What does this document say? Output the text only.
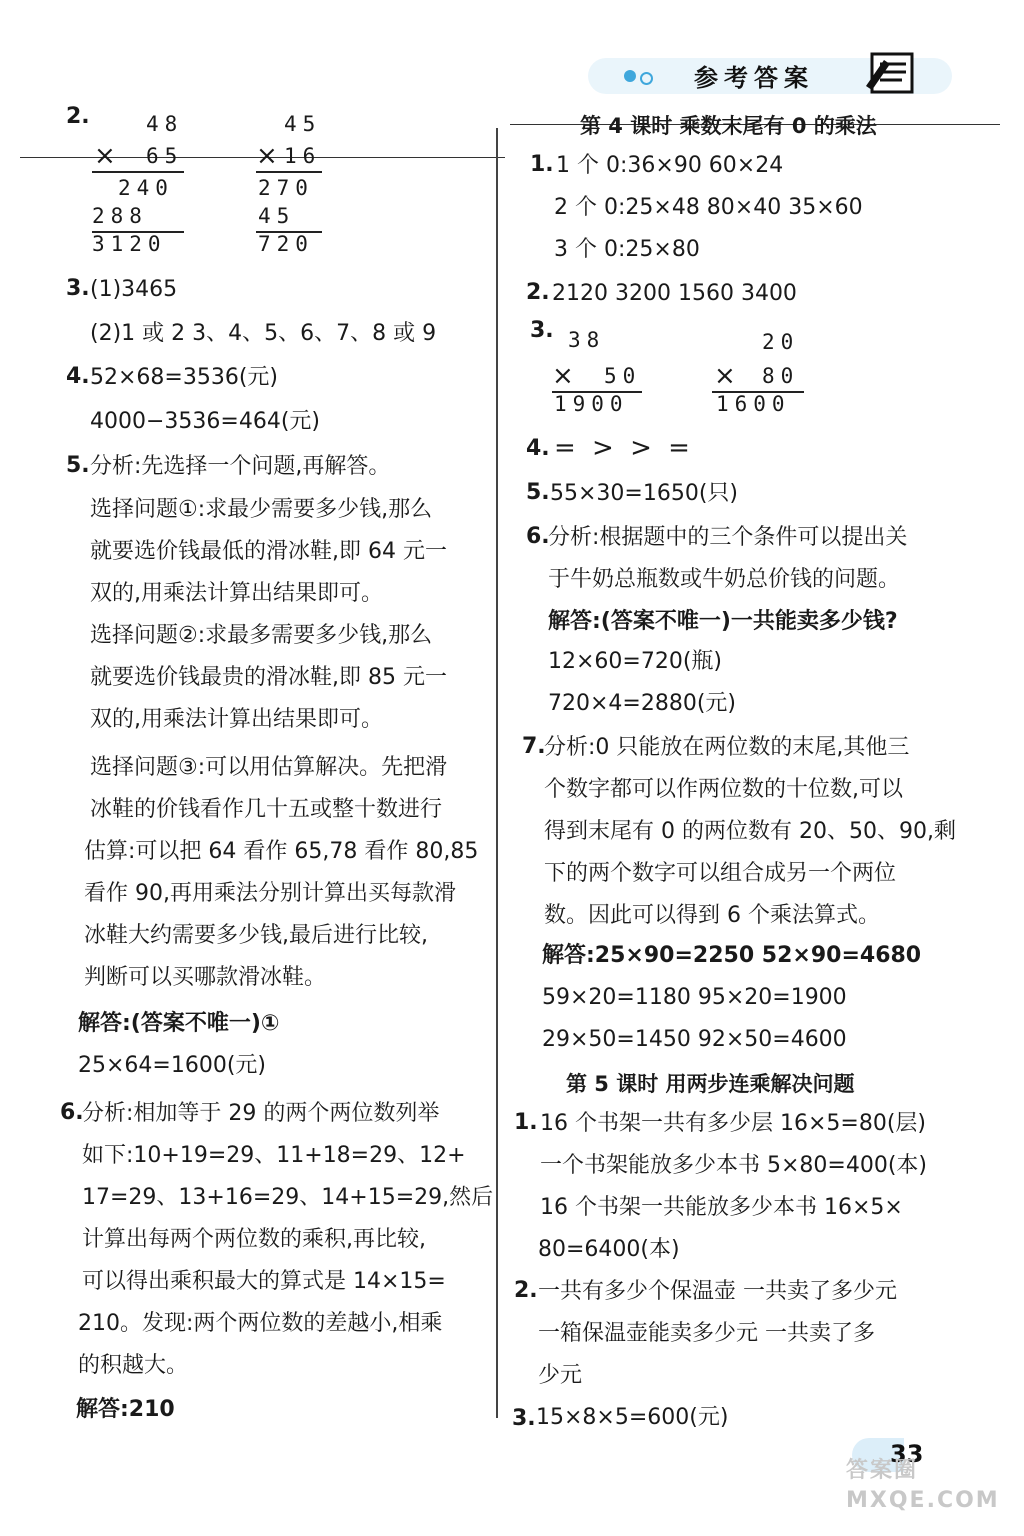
参考答案
2.	48
× 65
240
288
3120
45
× 16
270
45
720
3. (1)3465
(2)1 或 2 3、4、5、6、7、8 或 9
4. 52×68=3536(元)
4000−3536=464(元)
5. 分析:先选择一个问题,再解答。
选择问题①:求最少需要多少钱,那么
就要选价钱最低的滑冰鞋,即 64 元一
双的,用乘法计算出结果即可。
选择问题②:求最多需要多少钱,那么
就要选价钱最贵的滑冰鞋,即 85 元一
双的,用乘法计算出结果即可。
选择问题③:可以用估算解决。先把滑
冰鞋的价钱看作几十五或整十数进行
估算:可以把 64 看作 65,78 看作 80,85
看作 90,再用乘法分别计算出买每款滑
冰鞋大约需要多少钱,最后进行比较,
判断可以买哪款滑冰鞋。
解答:(答案不唯一)①
25×64=1600(元)
6.
分析:相加等于 29 的两个两位数列举
如下:10+19=29、11+18=29、12+
17=29、13+16=29、14+15=29,然后
计算出每两个两位数的乘积,再比较,
可以得出乘积最大的算式是 14×15=
210。发现:两个两位数的差越小,相乘
的积越大。
解答:210
第 4 课时 乘数末尾有 0 的乘法
1. 1 个 0:36×90 60×24
2 个 0:25×48 80×40 35×60
3 个 0:25×80
2. 2120 3200 1560 3400
3. 38
× 50
1900
20
× 80
1600
4. = > > =
5. 55×30=1650(只)
6.
分析:根据题中的三个条件可以提出关
于牛奶总瓶数或牛奶总价钱的问题。
解答:(答案不唯一)一共能卖多少钱?
12×60=720(瓶)
720×4=2880(元)
7.
分析:0 只能放在两位数的末尾,其他三
个数字都可以作两位数的十位数,可以
得到末尾有 0 的两位数有 20、50、90,剩
下的两个数字可以组合成另一个两位
数。因此可以得到 6 个乘法算式。
解答:25×90=2250 52×90=4680
59×20=1180 95×20=1900
29×50=1450 92×50=4600
第 5 课时 用两步连乘解决问题
1. 16 个书架一共有多少层 16×5=80(层)
一个书架能放多少本书 5×80=400(本)
16 个书架一共能放多少本书 16×5×
80=6400(本)
2. 一共有多少个保温壶 一共卖了多少元
一箱保温壶能卖多少元 一共卖了多
少元
3. 15×8×5=600(元)
33
答案圈 MXQE.COM
